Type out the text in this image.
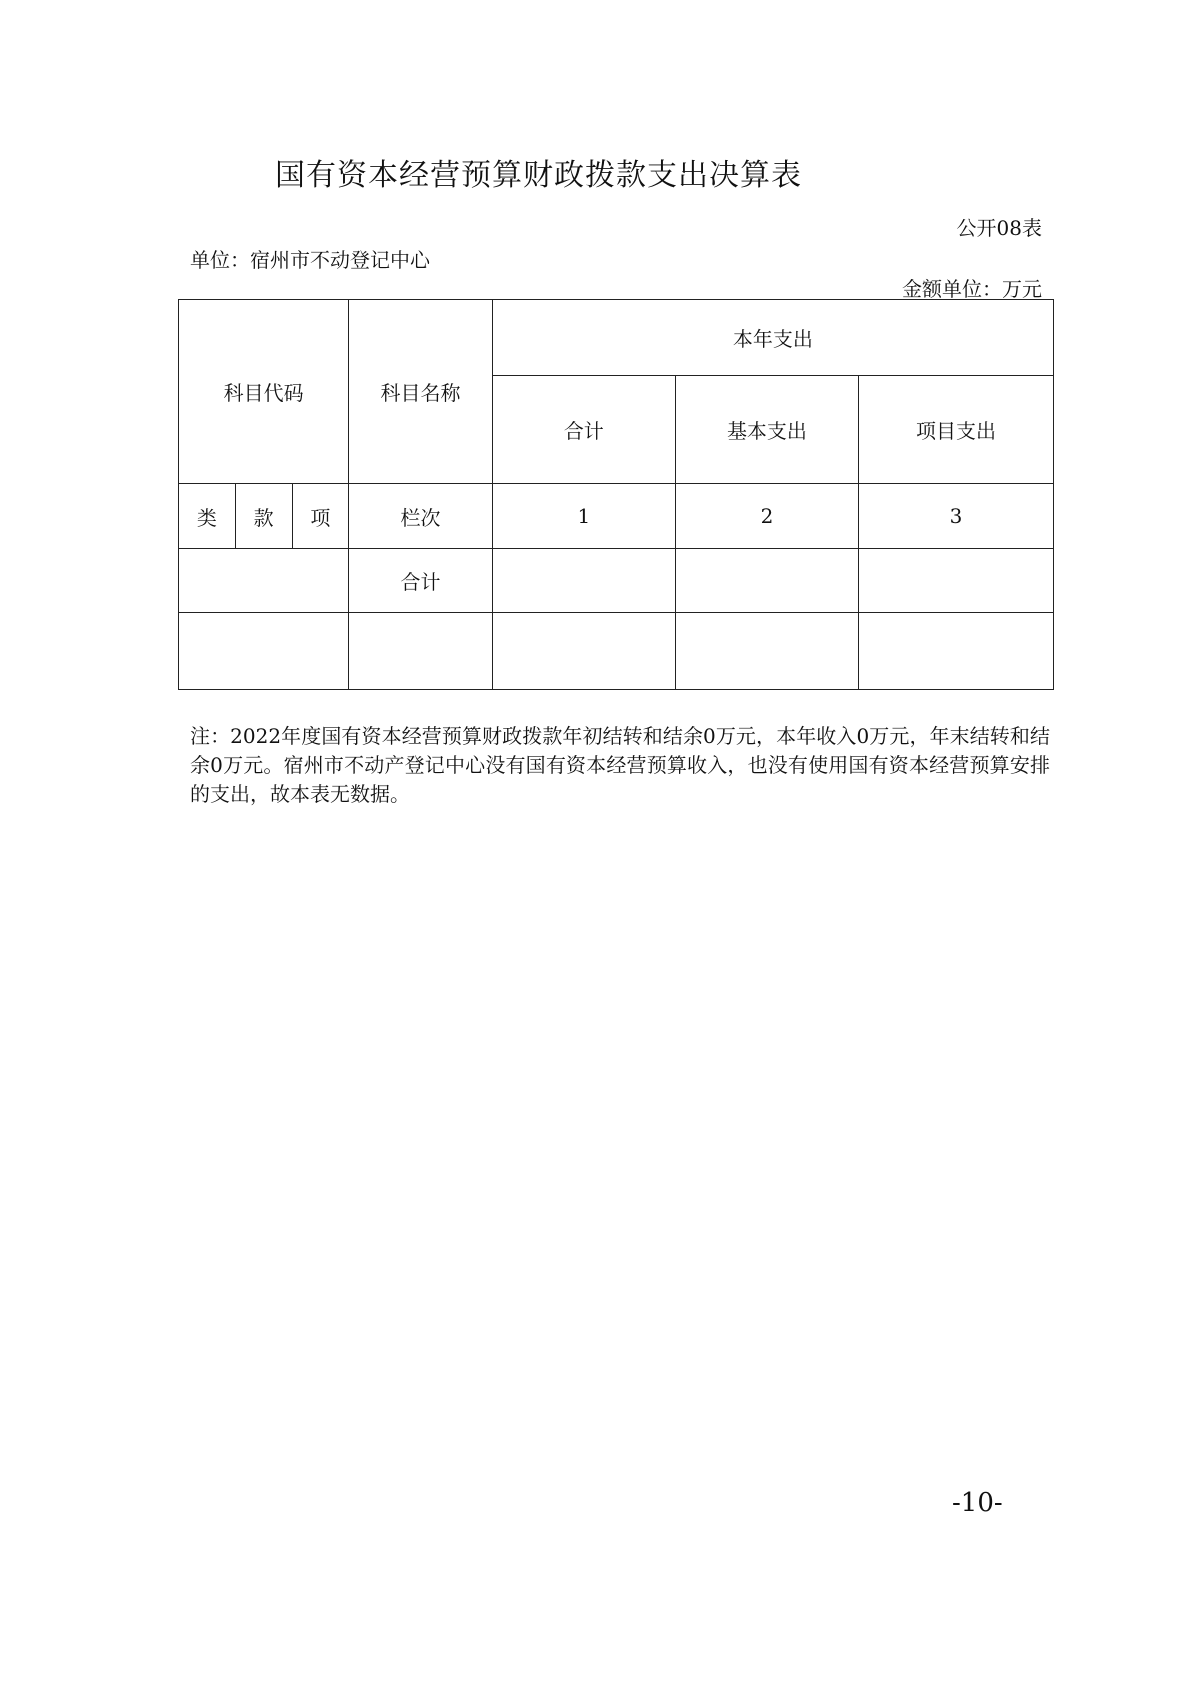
国有资本经营预算财政拨款支出决算表
公开08表
单位：宿州市不动登记中心
金额单位：万元
科目代码			科目名称	本年支出		
				合计	基本支出	项目支出
类	款	项	栏次	1	2	3
			合计			

注：2022年度国有资本经营预算财政拨款年初结转和结余0万元，本年收入0万元，年末结转和结余0万元。宿州市不动产登记中心没有国有资本经营预算收入，也没有使用国有资本经营预算安排的支出，故本表无数据。
-10-
